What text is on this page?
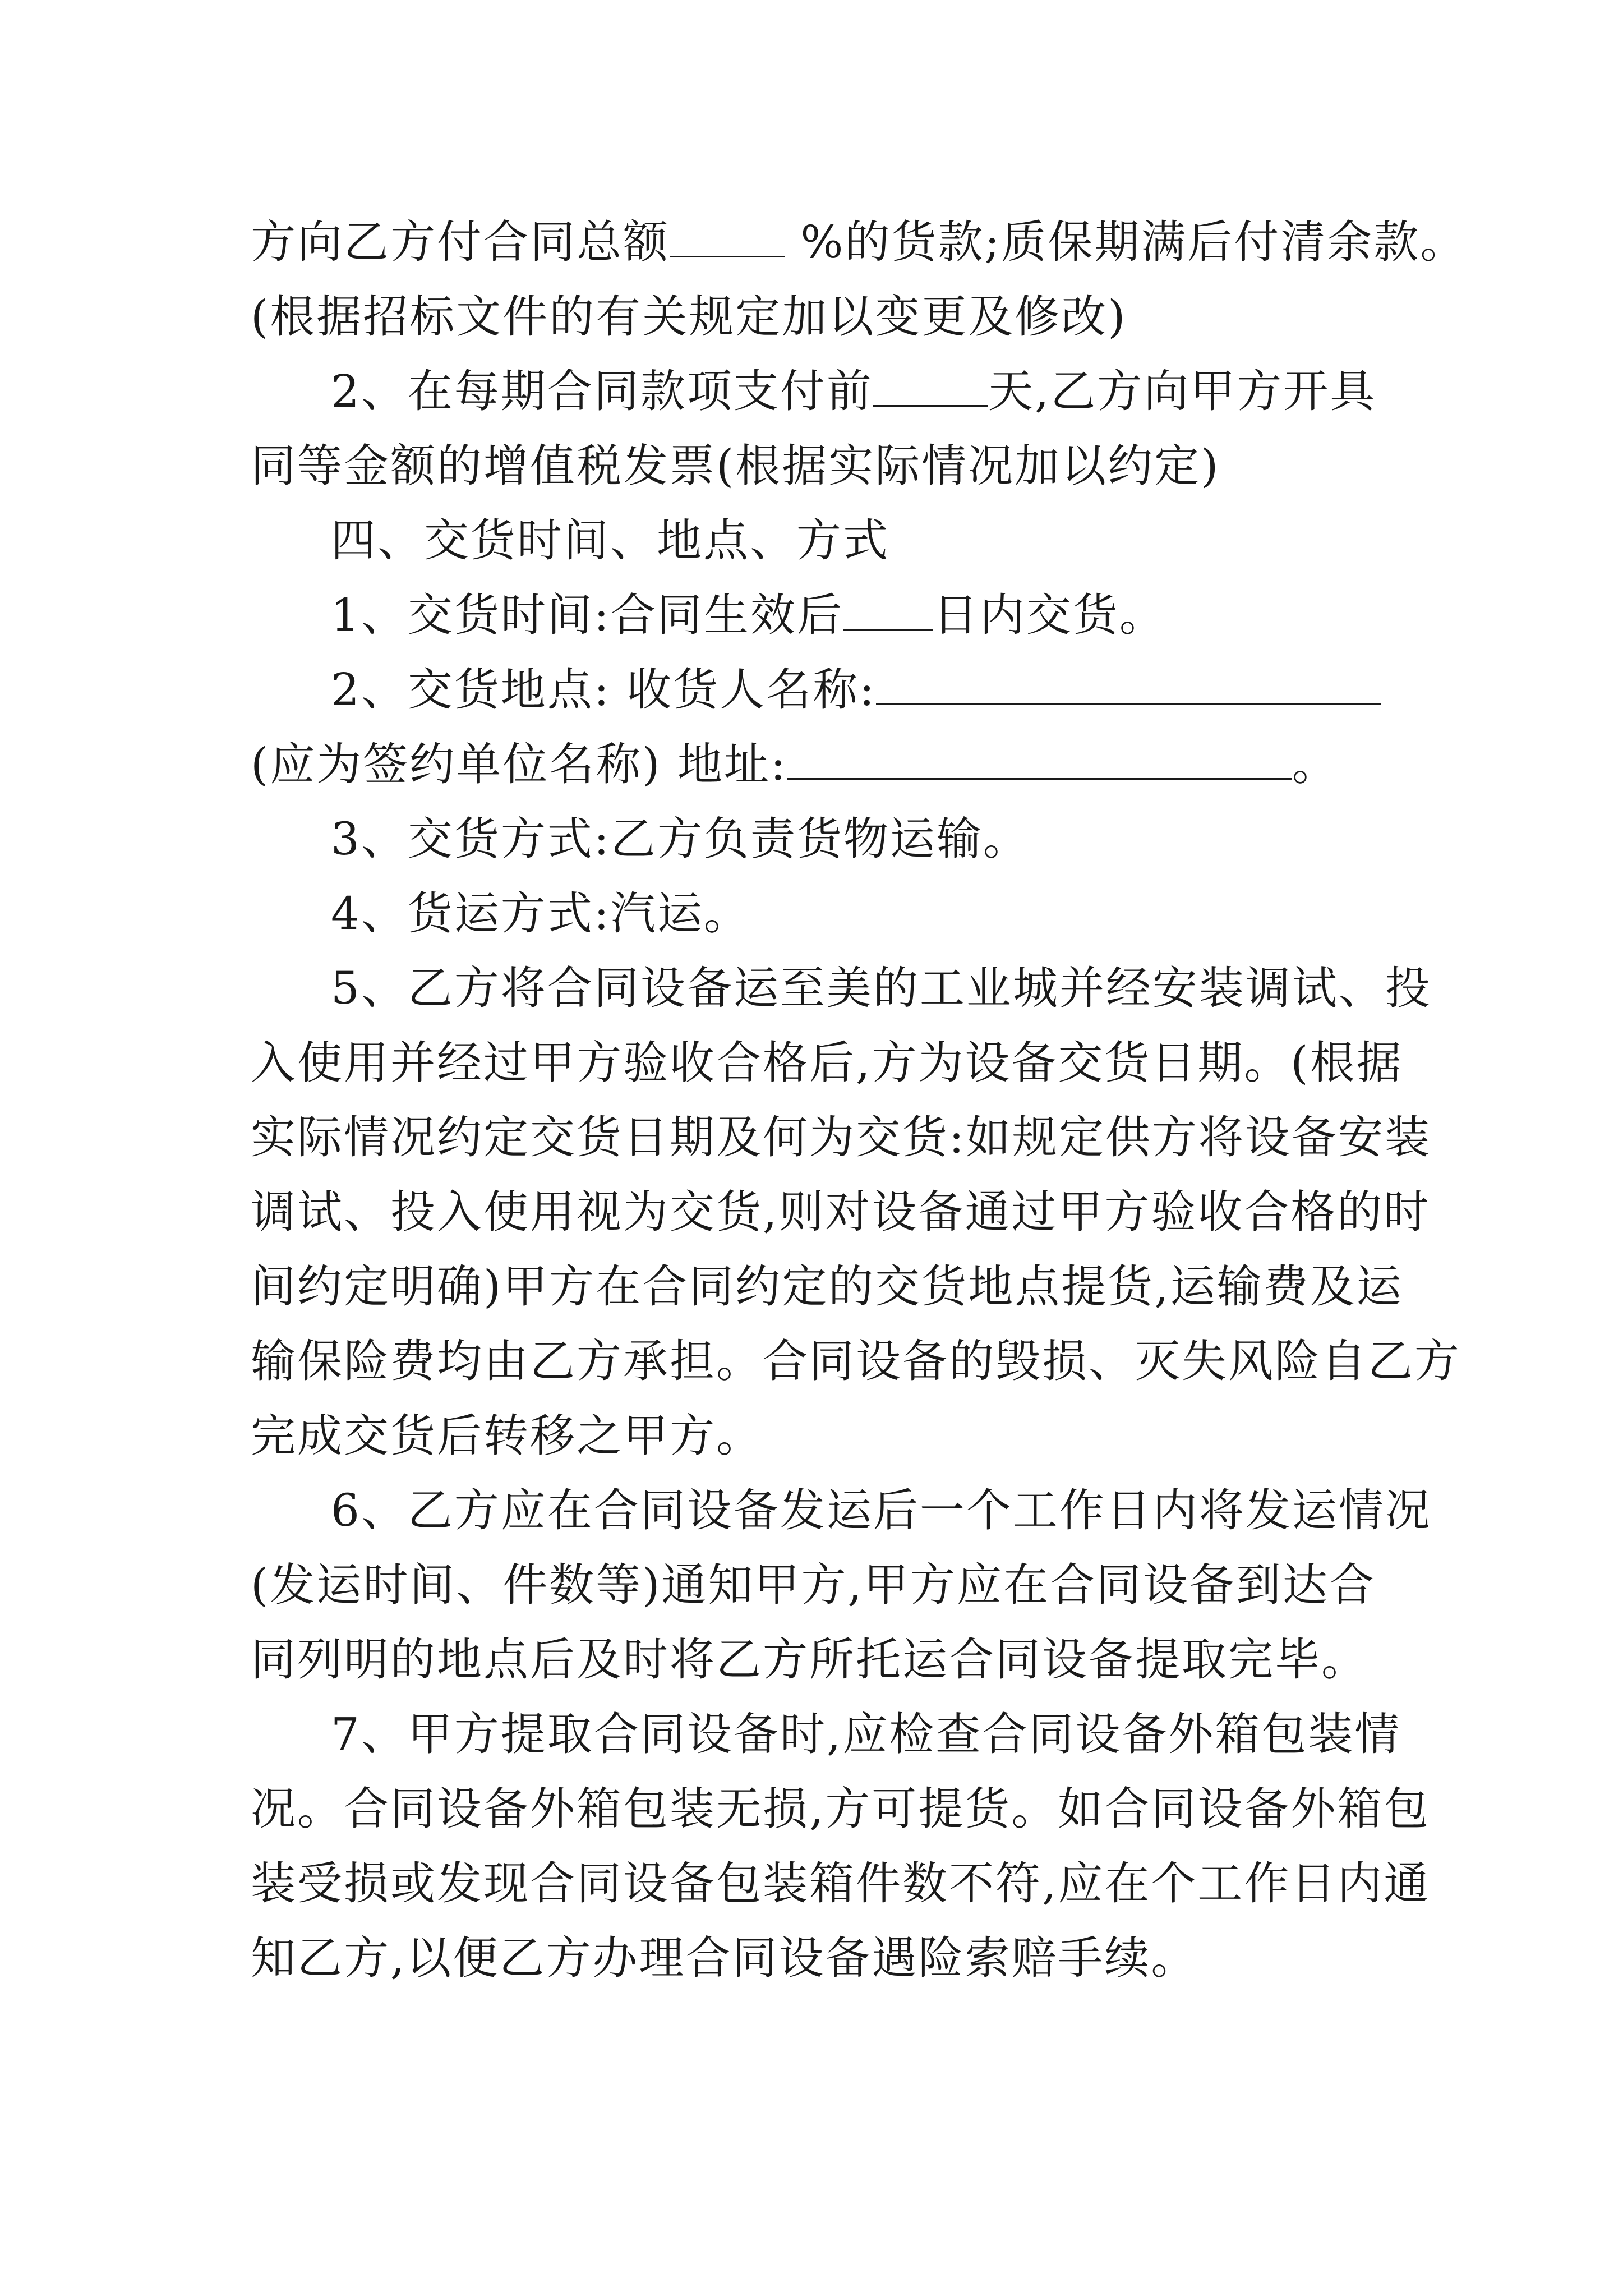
方向乙方付合同总额	%的货款;质保期满后付清余款。
(根据招标文件的有关规定加以变更及修改)
2、在每期合同款项支付前	天,乙方向甲方开具
同等金额的增值税发票(根据实际情况加以约定)
四、交货时间、地点、方式
1、交货时间:合同生效后 日内交货。
2、交货地点: 收货人名称:
(应为签约单位名称) 地址:	。
3、交货方式:乙方负责货物运输。
4、货运方式:汽运。
5、乙方将合同设备运至美的工业城并经安装调试、投
入使用并经过甲方验收合格后,方为设备交货日期。(根据
实际情况约定交货日期及何为交货:如规定供方将设备安装
调试、投入使用视为交货,则对设备通过甲方验收合格的时
间约定明确)甲方在合同约定的交货地点提货,运输费及运
输保险费均由乙方承担。合同设备的毁损、灭失风险自乙方
完成交货后转移之甲方。
6、乙方应在合同设备发运后一个工作日内将发运情况
(发运时间、件数等)通知甲方,甲方应在合同设备到达合
同列明的地点后及时将乙方所托运合同设备提取完毕。
7、甲方提取合同设备时,应检查合同设备外箱包装情
况。合同设备外箱包装无损,方可提货。如合同设备外箱包
装受损或发现合同设备包装箱件数不符,应在个工作日内通
知乙方,以便乙方办理合同设备遇险索赔手续。
